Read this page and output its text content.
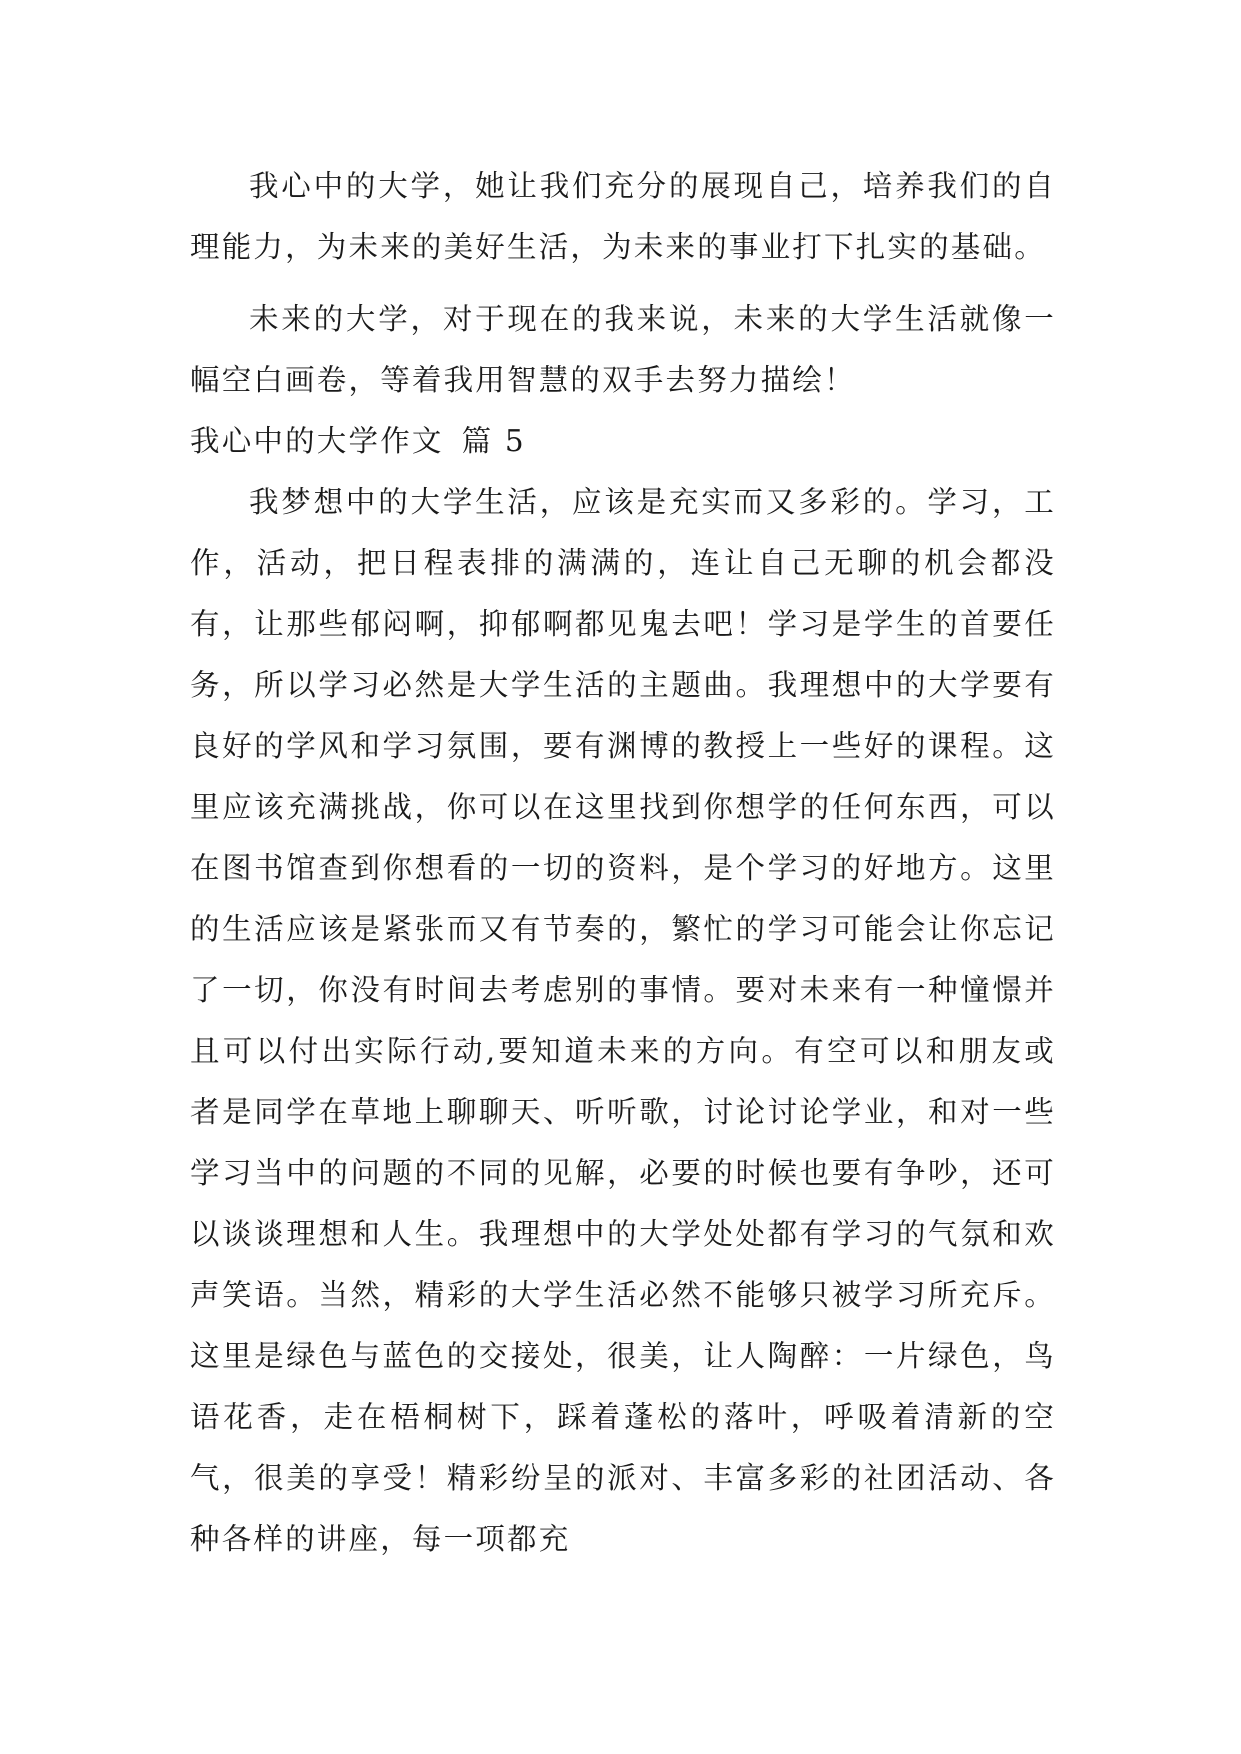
我心中的大学，她让我们充分的展现自己，培养我们的自理能力，为未来的美好生活，为未来的事业打下扎实的基础。

未来的大学，对于现在的我来说，未来的大学生活就像一幅空白画卷，等着我用智慧的双手去努力描绘！

我心中的大学作文 篇 5

我梦想中的大学生活，应该是充实而又多彩的。学习，工作，活动，把日程表排的满满的，连让自己无聊的机会都没有，让那些郁闷啊，抑郁啊都见鬼去吧！学习是学生的首要任务，所以学习必然是大学生活的主题曲。我理想中的大学要有良好的学风和学习氛围，要有渊博的教授上一些好的课程。这里应该充满挑战，你可以在这里找到你想学的任何东西，可以在图书馆查到你想看的一切的资料，是个学习的好地方。这里的生活应该是紧张而又有节奏的，繁忙的学习可能会让你忘记了一切，你没有时间去考虑别的事情。要对未来有一种憧憬并且可以付出实际行动,要知道未来的方向。有空可以和朋友或者是同学在草地上聊聊天、听听歌，讨论讨论学业，和对一些学习当中的问题的不同的见解，必要的时候也要有争吵，还可以谈谈理想和人生。我理想中的大学处处都有学习的气氛和欢声笑语。当然，精彩的大学生活必然不能够只被学习所充斥。这里是绿色与蓝色的交接处，很美，让人陶醉：一片绿色，鸟语花香，走在梧桐树下，踩着蓬松的落叶，呼吸着清新的空气，很美的享受！精彩纷呈的派对、丰富多彩的社团活动、各种各样的讲座，每一项都充
